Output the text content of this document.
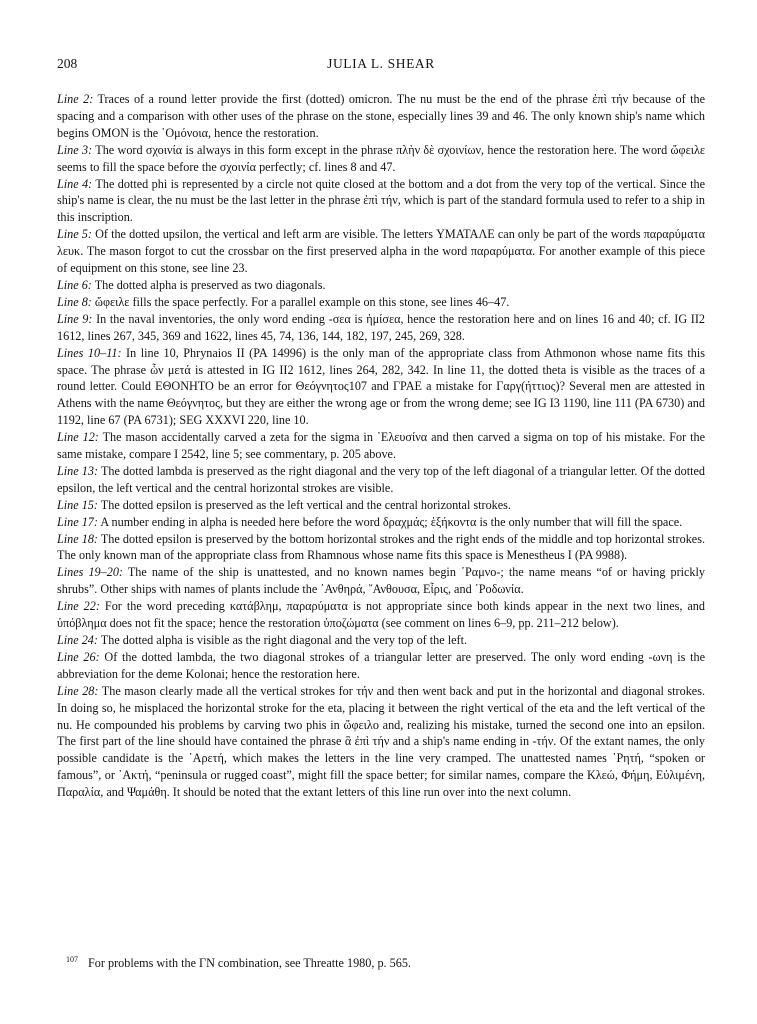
208	JULIA L. SHEAR

Line 2: Traces of a round letter provide the first (dotted) omicron. The nu must be the end of the phrase ἐπὶ τήν because of the spacing and a comparison with other uses of the phrase on the stone, especially lines 39 and 46. The only known ship's name which begins OMON is the ῾Ομόνοια, hence the restoration.

Line 3: The word σχοινία is always in this form except in the phrase πλὴν δὲ σχοινίων, hence the restoration here. The word ὤφειλε seems to fill the space before the σχοινία perfectly; cf. lines 8 and 47.

Line 4: The dotted phi is represented by a circle not quite closed at the bottom and a dot from the very top of the vertical. Since the ship's name is clear, the nu must be the last letter in the phrase ἐπὶ τήν, which is part of the standard formula used to refer to a ship in this inscription.

Line 5: Of the dotted upsilon, the vertical and left arm are visible. The letters ΥΜΑΤΑΛΕ can only be part of the words παραρύματα λευκ. The mason forgot to cut the crossbar on the first preserved alpha in the word παραρύματα. For another example of this piece of equipment on this stone, see line 23.

Line 6: The dotted alpha is preserved as two diagonals.

Line 8: ὤφειλε fills the space perfectly. For a parallel example on this stone, see lines 46–47.

Line 9: In the naval inventories, the only word ending -σεα is ἡμίσεα, hence the restoration here and on lines 16 and 40; cf. IG II2 1612, lines 267, 345, 369 and 1622, lines 45, 74, 136, 144, 182, 197, 245, 269, 328.

Lines 10–11: In line 10, Phrynaios II (PA 14996) is the only man of the appropriate class from Athmonon whose name fits this space. The phrase ὧν μετά is attested in IG II2 1612, lines 264, 282, 342. In line 11, the dotted theta is visible as the traces of a round letter. Could ΕΘΟΝΗΤΟ be an error for Θεόγνητος107 and ΓΡΑΕ a mistake for Γαργ(ήττιος)? Several men are attested in Athens with the name Θεόγνητος, but they are either the wrong age or from the wrong deme; see IG I3 1190, line 111 (PA 6730) and 1192, line 67 (PA 6731); SEG XXXVI 220, line 10.

Line 12: The mason accidentally carved a zeta for the sigma in ᾽Ελευσίνα and then carved a sigma on top of his mistake. For the same mistake, compare I 2542, line 5; see commentary, p. 205 above.

Line 13: The dotted lambda is preserved as the right diagonal and the very top of the left diagonal of a triangular letter. Of the dotted epsilon, the left vertical and the central horizontal strokes are visible.

Line 15: The dotted epsilon is preserved as the left vertical and the central horizontal strokes.

Line 17: A number ending in alpha is needed here before the word δραχμάς; ἑξήκοντα is the only number that will fill the space.

Line 18: The dotted epsilon is preserved by the bottom horizontal strokes and the right ends of the middle and top horizontal strokes. The only known man of the appropriate class from Rhamnous whose name fits this space is Menestheus I (PA 9988).

Lines 19–20: The name of the ship is unattested, and no known names begin ῾Ραμνο-; the name means “of or having prickly shrubs”. Other ships with names of plants include the ᾽Ανθηρά, ῎Ανθουσα, Εἶρις, and ῾Ροδωνία.

Line 22: For the word preceding κατάβλημ, παραρύματα is not appropriate since both kinds appear in the next two lines, and ὑπόβλημα does not fit the space; hence the restoration ὑποζώματα (see comment on lines 6–9, pp. 211–212 below).

Line 24: The dotted alpha is visible as the right diagonal and the very top of the left.

Line 26: Of the dotted lambda, the two diagonal strokes of a triangular letter are preserved. The only word ending -ωνη is the abbreviation for the deme Kolonai; hence the restoration here.

Line 28: The mason clearly made all the vertical strokes for τήν and then went back and put in the horizontal and diagonal strokes. In doing so, he misplaced the horizontal stroke for the eta, placing it between the right vertical of the eta and the left vertical of the nu. He compounded his problems by carving two phis in ὤφειλο and, realizing his mistake, turned the second one into an epsilon. The first part of the line should have contained the phrase ἃ ἐπὶ τήν and a ship's name ending in -τήν. Of the extant names, the only possible candidate is the ᾽Αρετή, which makes the letters in the line very cramped. The unattested names ῾Ρητή, “spoken or famous”, or ᾽Ακτή, “peninsula or rugged coast”, might fill the space better; for similar names, compare the Κλεώ, Φήμη, Εὐλιμένη, Παραλία, and Ψαμάθη. It should be noted that the extant letters of this line run over into the next column.

$^{107}$ For problems with the ΓΝ combination, see Threatte 1980, p. 565.
